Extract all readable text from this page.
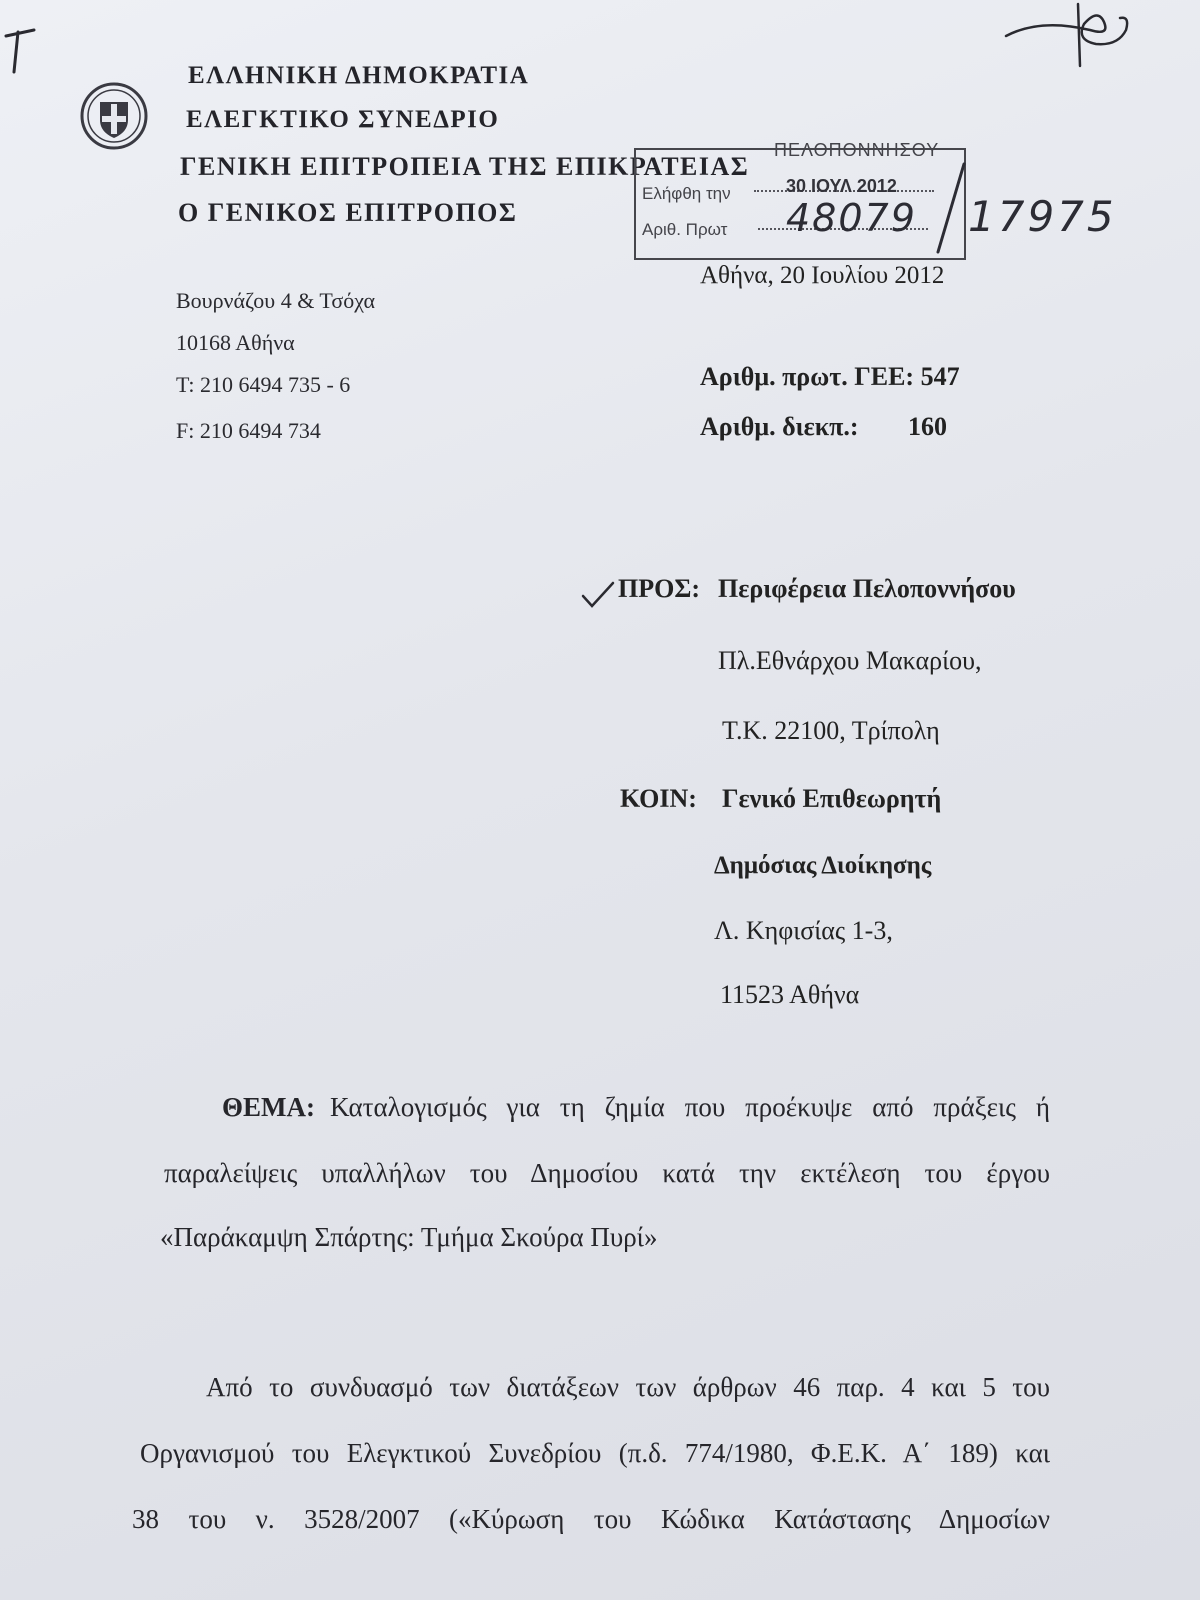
ΕΛΛΗΝΙΚΗ ΔΗΜΟΚΡΑΤΙΑ
ΕΛΕΓΚΤΙΚΟ ΣΥΝΕΔΡΙΟ
ΓΕΝΙΚΗ ΕΠΙΤΡΟΠΕΙΑ ΤΗΣ ΕΠΙΚΡΑΤΕΙΑΣ
Ο ΓΕΝΙΚΟΣ ΕΠΙΤΡΟΠΟΣ
ΠΕΛΟΠΟΝΝΗΣΟΥ
Ελήφθη την	30 ΙΟΥΛ 2012
Αριθ. Πρωτ 48079 17975
Βουρνάζου 4 & Τσόχα
10168 Αθήνα
Τ: 210 6494 735 - 6
F: 210 6494 734
Αθήνα, 20 Ιουλίου 2012
Αριθμ. πρωτ. ΓΕΕ: 547
Αριθμ. διεκπ.: 160
ΠΡΟΣ: Περιφέρεια Πελοποννήσου
Πλ.Εθνάρχου Μακαρίου,
Τ.Κ. 22100, Τρίπολη
ΚΟΙΝ: Γενικό Επιθεωρητή
Δημόσιας Διοίκησης
Λ. Κηφισίας 1-3,
11523 Αθήνα
ΘΕΜΑ: Καταλογισμός για τη ζημία που προέκυψε από πράξεις ή
παραλείψεις υπαλλήλων του Δημοσίου κατά την εκτέλεση του έργου
«Παράκαμψη Σπάρτης: Τμήμα Σκούρα Πυρί»
Από το συνδυασμό των διατάξεων των άρθρων 46 παρ. 4 και 5 του
Οργανισμού του Ελεγκτικού Συνεδρίου (π.δ. 774/1980, Φ.Ε.Κ. Α΄ 189) και
38 του ν. 3528/2007 («Κύρωση του Κώδικα Κατάστασης Δημοσίων
